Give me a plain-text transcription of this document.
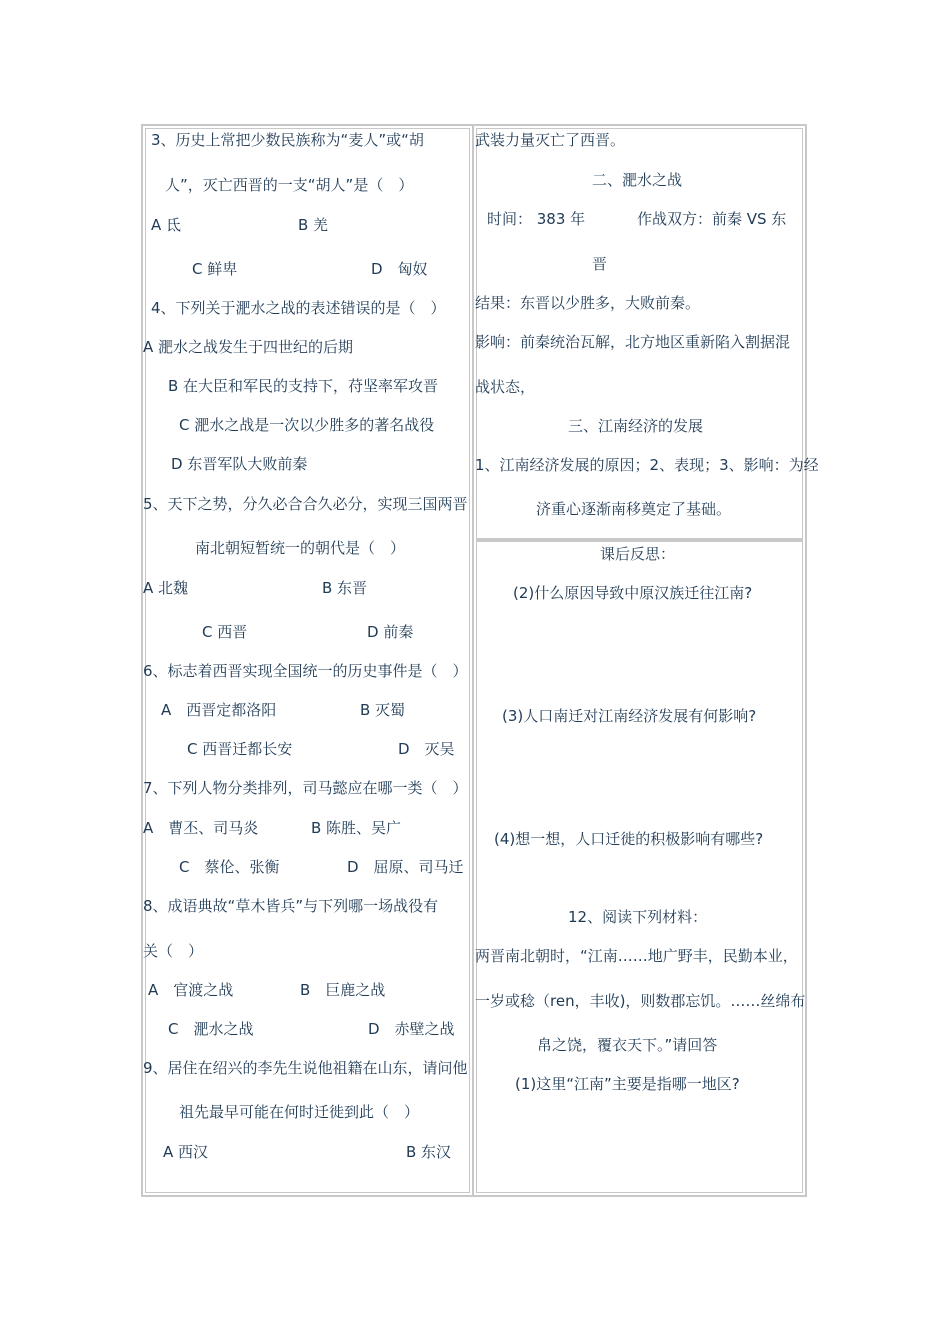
3、历史上常把少数民族称为“麦人”或“胡
人”，灭亡西晋的一支“胡人”是（　）
A 氐	B 羌
C 鲜卑	D　匈奴
4、下列关于淝水之战的表述错误的是（　）
A 淝水之战发生于四世纪的后期
B 在大臣和军民的支持下，苻坚率军攻晋
C 淝水之战是一次以少胜多的著名战役
D 东晋军队大败前秦
5、天下之势，分久必合合久必分，实现三国两晋
南北朝短暂统一的朝代是（　）
A 北魏	B 东晋
C 西晋	D 前秦
6、标志着西晋实现全国统一的历史事件是（　）
A　西晋定都洛阳	B 灭蜀
C 西晋迁都长安	D　灭吴
7、下列人物分类排列，司马懿应在哪一类（　）
A　曹丕、司马炎	B 陈胜、吴广
C　蔡伦、张衡	D　屈原、司马迁
8、成语典故“草木皆兵”与下列哪一场战役有
关（　）
A　官渡之战	B　巨鹿之战
C　淝水之战	D　赤壁之战
9、居住在绍兴的李先生说他祖籍在山东，请问他
祖先最早可能在何时迁徙到此（　）
A 西汉	B 东汉
武装力量灭亡了西晋。
二、淝水之战
时间： 383 年	作战双方：前秦 VS 东
晋
结果：东晋以少胜多，大败前秦。
影响：前秦统治瓦解，北方地区重新陷入割据混
战状态，
三、江南经济的发展
1、江南经济发展的原因；2、表现；3、影响：为经
济重心逐渐南移奠定了基础。
课后反思：
(2)什么原因导致中原汉族迁往江南?
(3)人口南迁对江南经济发展有何影响?
(4)想一想，人口迁徙的积极影响有哪些?
12、阅读下列材料：
两晋南北朝时，“江南……地广野丰，民勤本业，
一岁或稔（ren，丰收)，则数郡忘饥。……丝绵布
帛之饶，覆衣天下。”请回答
(1)这里“江南”主要是指哪一地区?
